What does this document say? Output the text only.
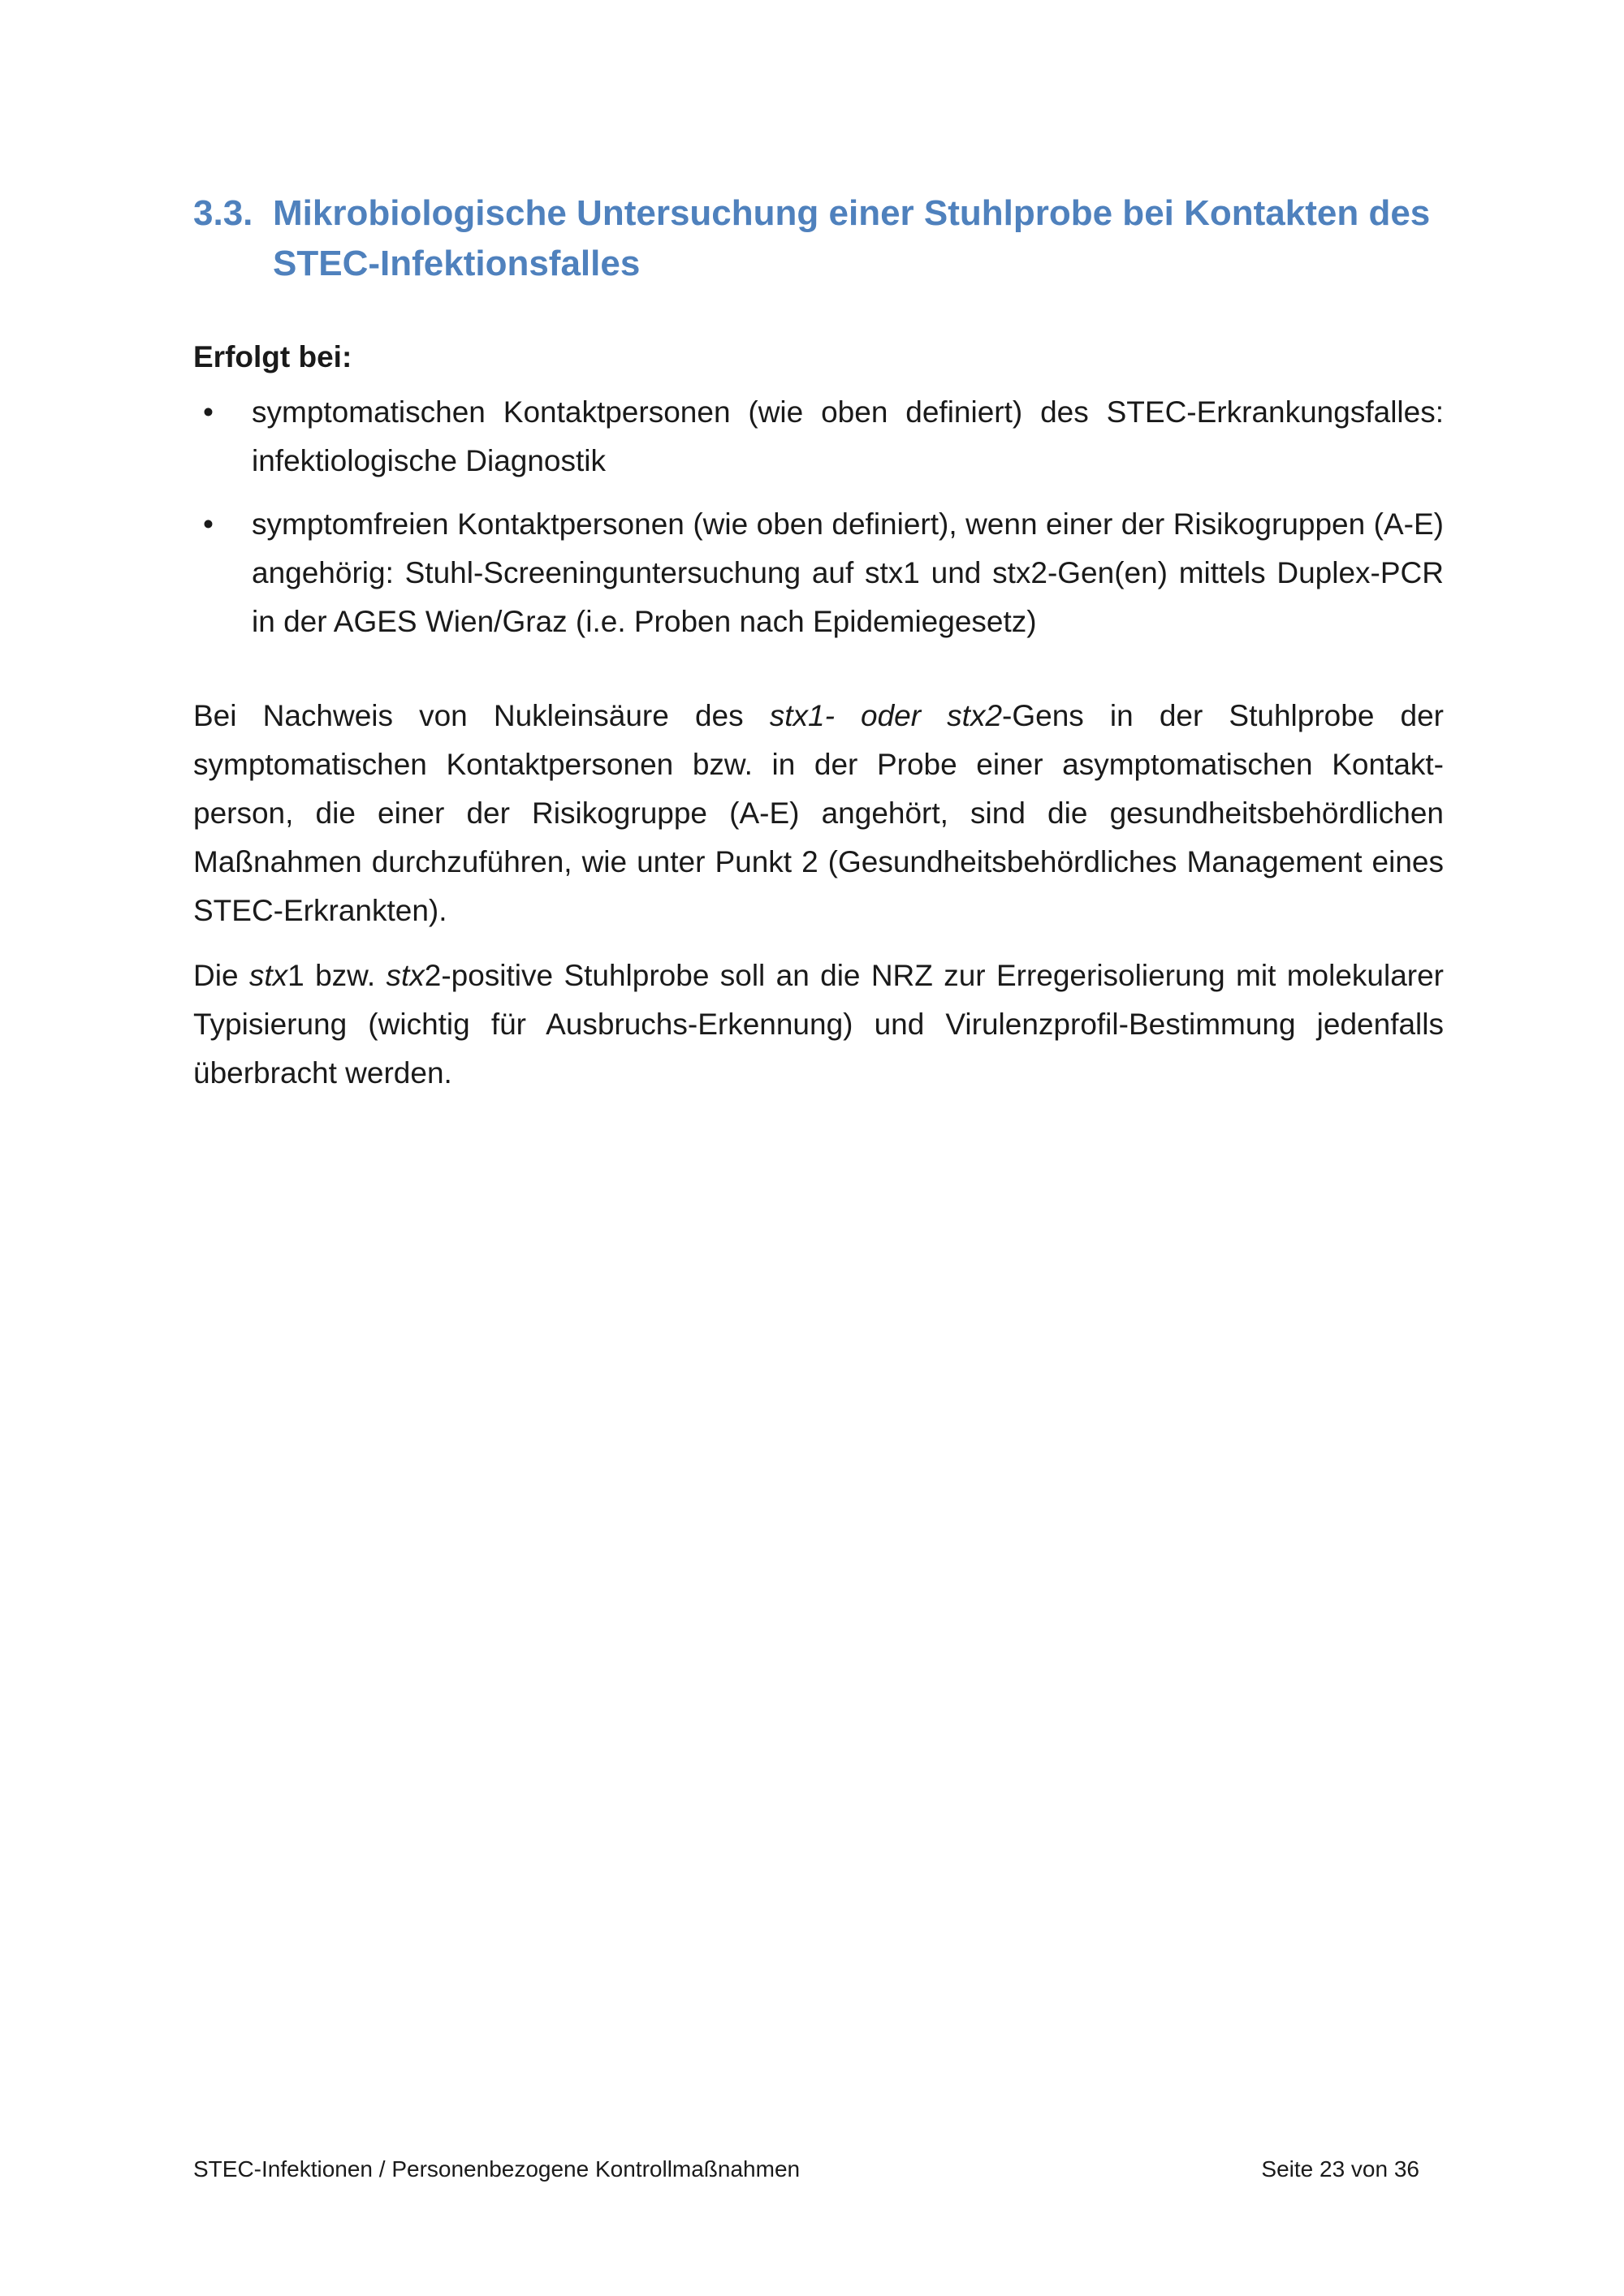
3.3. Mikrobiologische Untersuchung einer Stuhlprobe bei Kontakten des STEC-Infektionsfalles
Erfolgt bei:
•	symptomatischen Kontaktpersonen (wie oben definiert) des STEC-Erkrankungsfalles: infektiologische Diagnostik
•	symptomfreien Kontaktpersonen (wie oben definiert), wenn einer der Risikogruppen (A-E) angehörig: Stuhl-Screeninguntersuchung auf stx1 und stx2-Gen(en) mittels Duplex-PCR in der AGES Wien/Graz (i.e. Proben nach Epidemiegesetz)

Bei Nachweis von Nukleinsäure des stx1- oder stx2-Gens in der Stuhlprobe der symptomatischen Kontaktpersonen bzw. in der Probe einer asymptomatischen Kontakt-person, die einer der Risikogruppe (A-E) angehört, sind die gesundheitsbehördlichen Maßnahmen durchzuführen, wie unter Punkt 2 (Gesundheitsbehördliches Management eines STEC-Erkrankten).

Die stx1 bzw. stx2-positive Stuhlprobe soll an die NRZ zur Erregerisolierung mit molekularer Typisierung (wichtig für Ausbruchs-Erkennung) und Virulenzprofil-Bestimmung jedenfalls überbracht werden.

STEC-Infektionen / Personenbezogene Kontrollmaßnahmen	Seite 23 von 36
